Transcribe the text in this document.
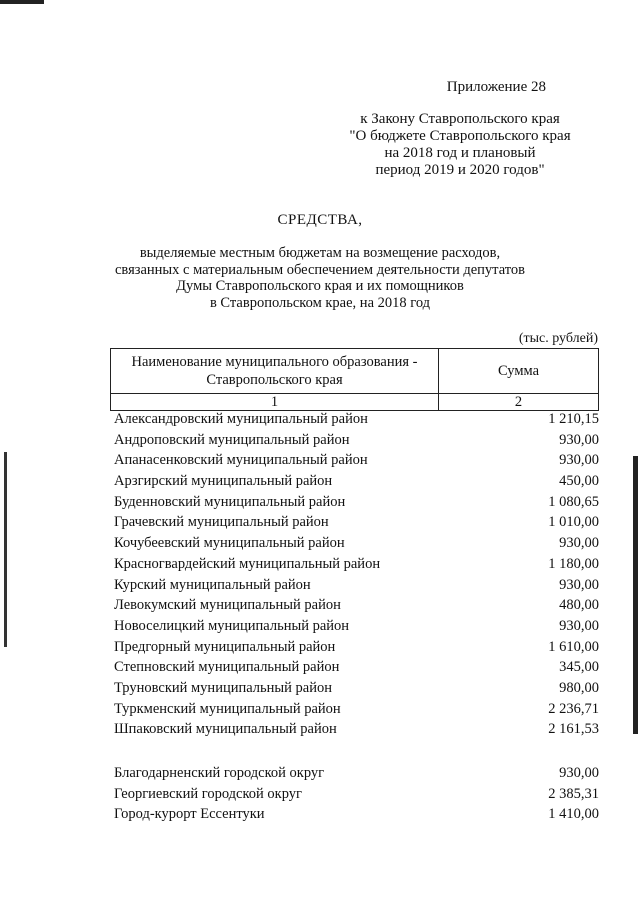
Приложение 28
к Закону Ставропольского края
"О бюджете Ставропольского края
на 2018 год и плановый
период 2019 и 2020 годов"
СРЕДСТВА,
выделяемые местным бюджетам на возмещение расходов,
связанных с материальным обеспечением деятельности депутатов
Думы Ставропольского края и их помощников
в Ставропольском крае, на 2018 год
(тыс. рублей)
Наименование муниципального образования - Ставропольского края	Сумма
1	2
Александровский муниципальный район	1 210,15
Андроповский муниципальный район	930,00
Апанасенковский муниципальный район	930,00
Арзгирский муниципальный район	450,00
Буденновский муниципальный район	1 080,65
Грачевский муниципальный район	1 010,00
Кочубеевский муниципальный район	930,00
Красногвардейский муниципальный район	1 180,00
Курский муниципальный район	930,00
Левокумский муниципальный район	480,00
Новоселицкий муниципальный район	930,00
Предгорный муниципальный район	1 610,00
Степновский муниципальный район	345,00
Труновский муниципальный район	980,00
Туркменский муниципальный район	2 236,71
Шпаковский муниципальный район	2 161,53
Благодарненский городской округ	930,00
Георгиевский городской округ	2 385,31
Город-курорт Ессентуки	1 410,00
